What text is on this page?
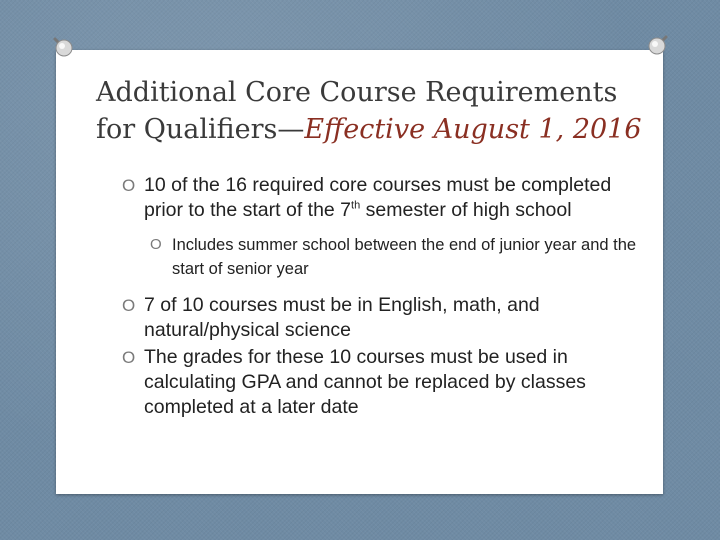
Additional Core Course Requirements
for Qualifiers—Effective August 1, 2016
O 10 of the 16 required core courses must be completed prior to the start of the 7th semester of high school
O Includes summer school between the end of junior year and the start of senior year
O 7 of 10 courses must be in English, math, and natural/physical science
O The grades for these 10 courses must be used in calculating GPA and cannot be replaced by classes completed at a later date
